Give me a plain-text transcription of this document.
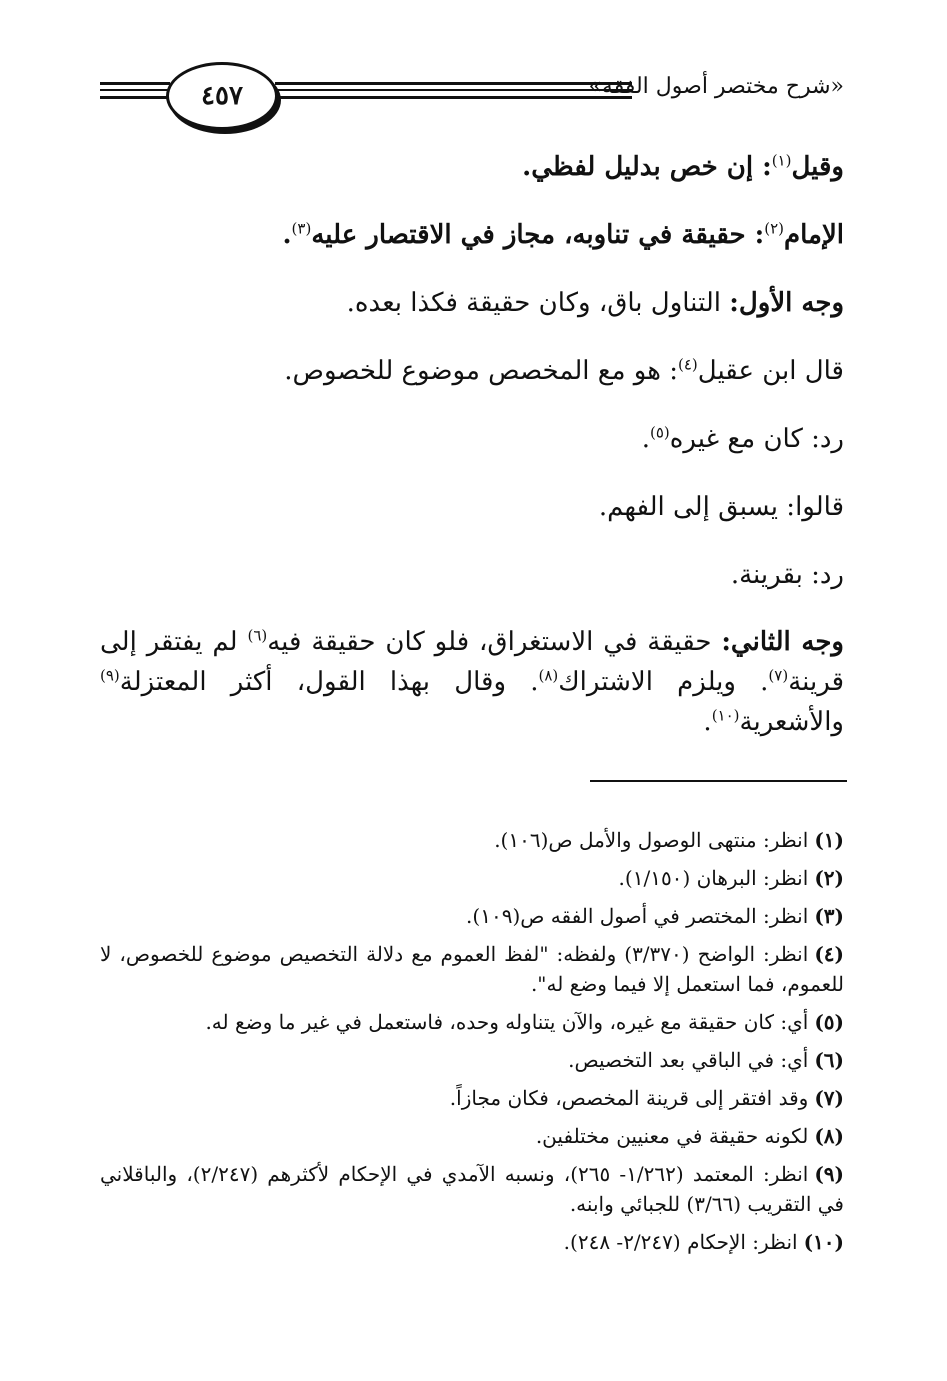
٤٥٧	«شرح مختصر أصول الفقه»
وقيل$^{(١)}$: إن خص بدليل لفظي.
الإمام$^{(٢)}$: حقيقة في تناوبه، مجاز في الاقتصار عليه$^{(٣)}$.
وجه الأول: التناول باق، وكان حقيقة فكذا بعده.
قال ابن عقيل$^{(٤)}$: هو مع المخصص موضوع للخصوص.
رد: كان مع غيره$^{(٥)}$.
قالوا: يسبق إلى الفهم.
رد: بقرينة.
وجه الثاني: حقيقة في الاستغراق، فلو كان حقيقة فيه$^{(٦)}$ لم يفتقر إلى قرينة$^{(٧)}$. ويلزم الاشتراك$^{(٨)}$. وقال بهذا القول، أكثر المعتزلة$^{(٩)}$ والأشعرية$^{(١٠)}$.
(١)انظر: منتهى الوصول والأمل ص(١٠٦).
(٢)انظر: البرهان (١/١٥٠).
(٣)انظر: المختصر في أصول الفقه ص(١٠٩).
(٤)انظر: الواضح (٣/٣٧٠) ولفظه: "لفظ العموم مع دلالة التخصيص موضوع للخصوص، لا للعموم، فما استعمل إلا فيما وضع له".
(٥)أي: كان حقيقة مع غيره، والآن يتناوله وحده، فاستعمل في غير ما وضع له.
(٦)أي: في الباقي بعد التخصيص.
(٧)وقد افتقر إلى قرينة المخصص، فكان مجازاً.
(٨)لكونه حقيقة في معنيين مختلفين.
(٩)انظر: المعتمد (١/٢٦٢- ٢٦٥)، ونسبه الآمدي في الإحكام لأكثرهم (٢/٢٤٧)، والباقلاني في التقريب (٣/٦٦) للجبائي وابنه.
(١٠)انظر: الإحكام (٢/٢٤٧- ٢٤٨).
